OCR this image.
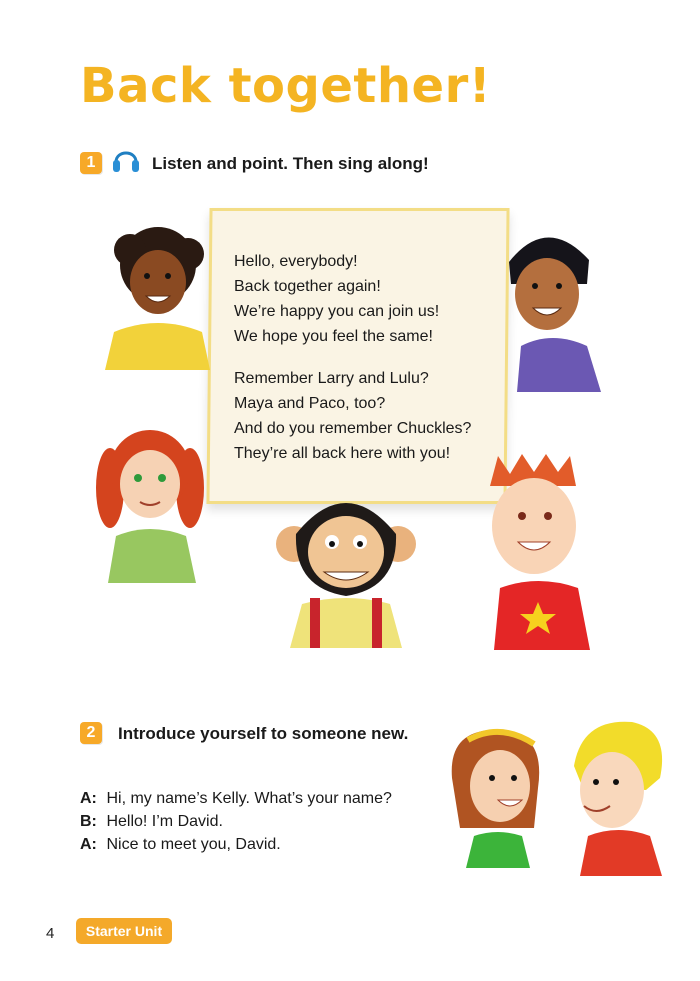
Back together!
1	Listen and point. Then sing along!
Hello, everybody!
Back together again!
We’re happy you can join us!
We hope you feel the same!
Remember Larry and Lulu?
Maya and Paco, too?
And do you remember Chuckles?
They’re all back here with you!
2	Introduce yourself to someone new.
A: Hi, my name’s Kelly. What’s your name?
B: Hello! I’m David.
A: Nice to meet you, David.
4	Starter Unit
